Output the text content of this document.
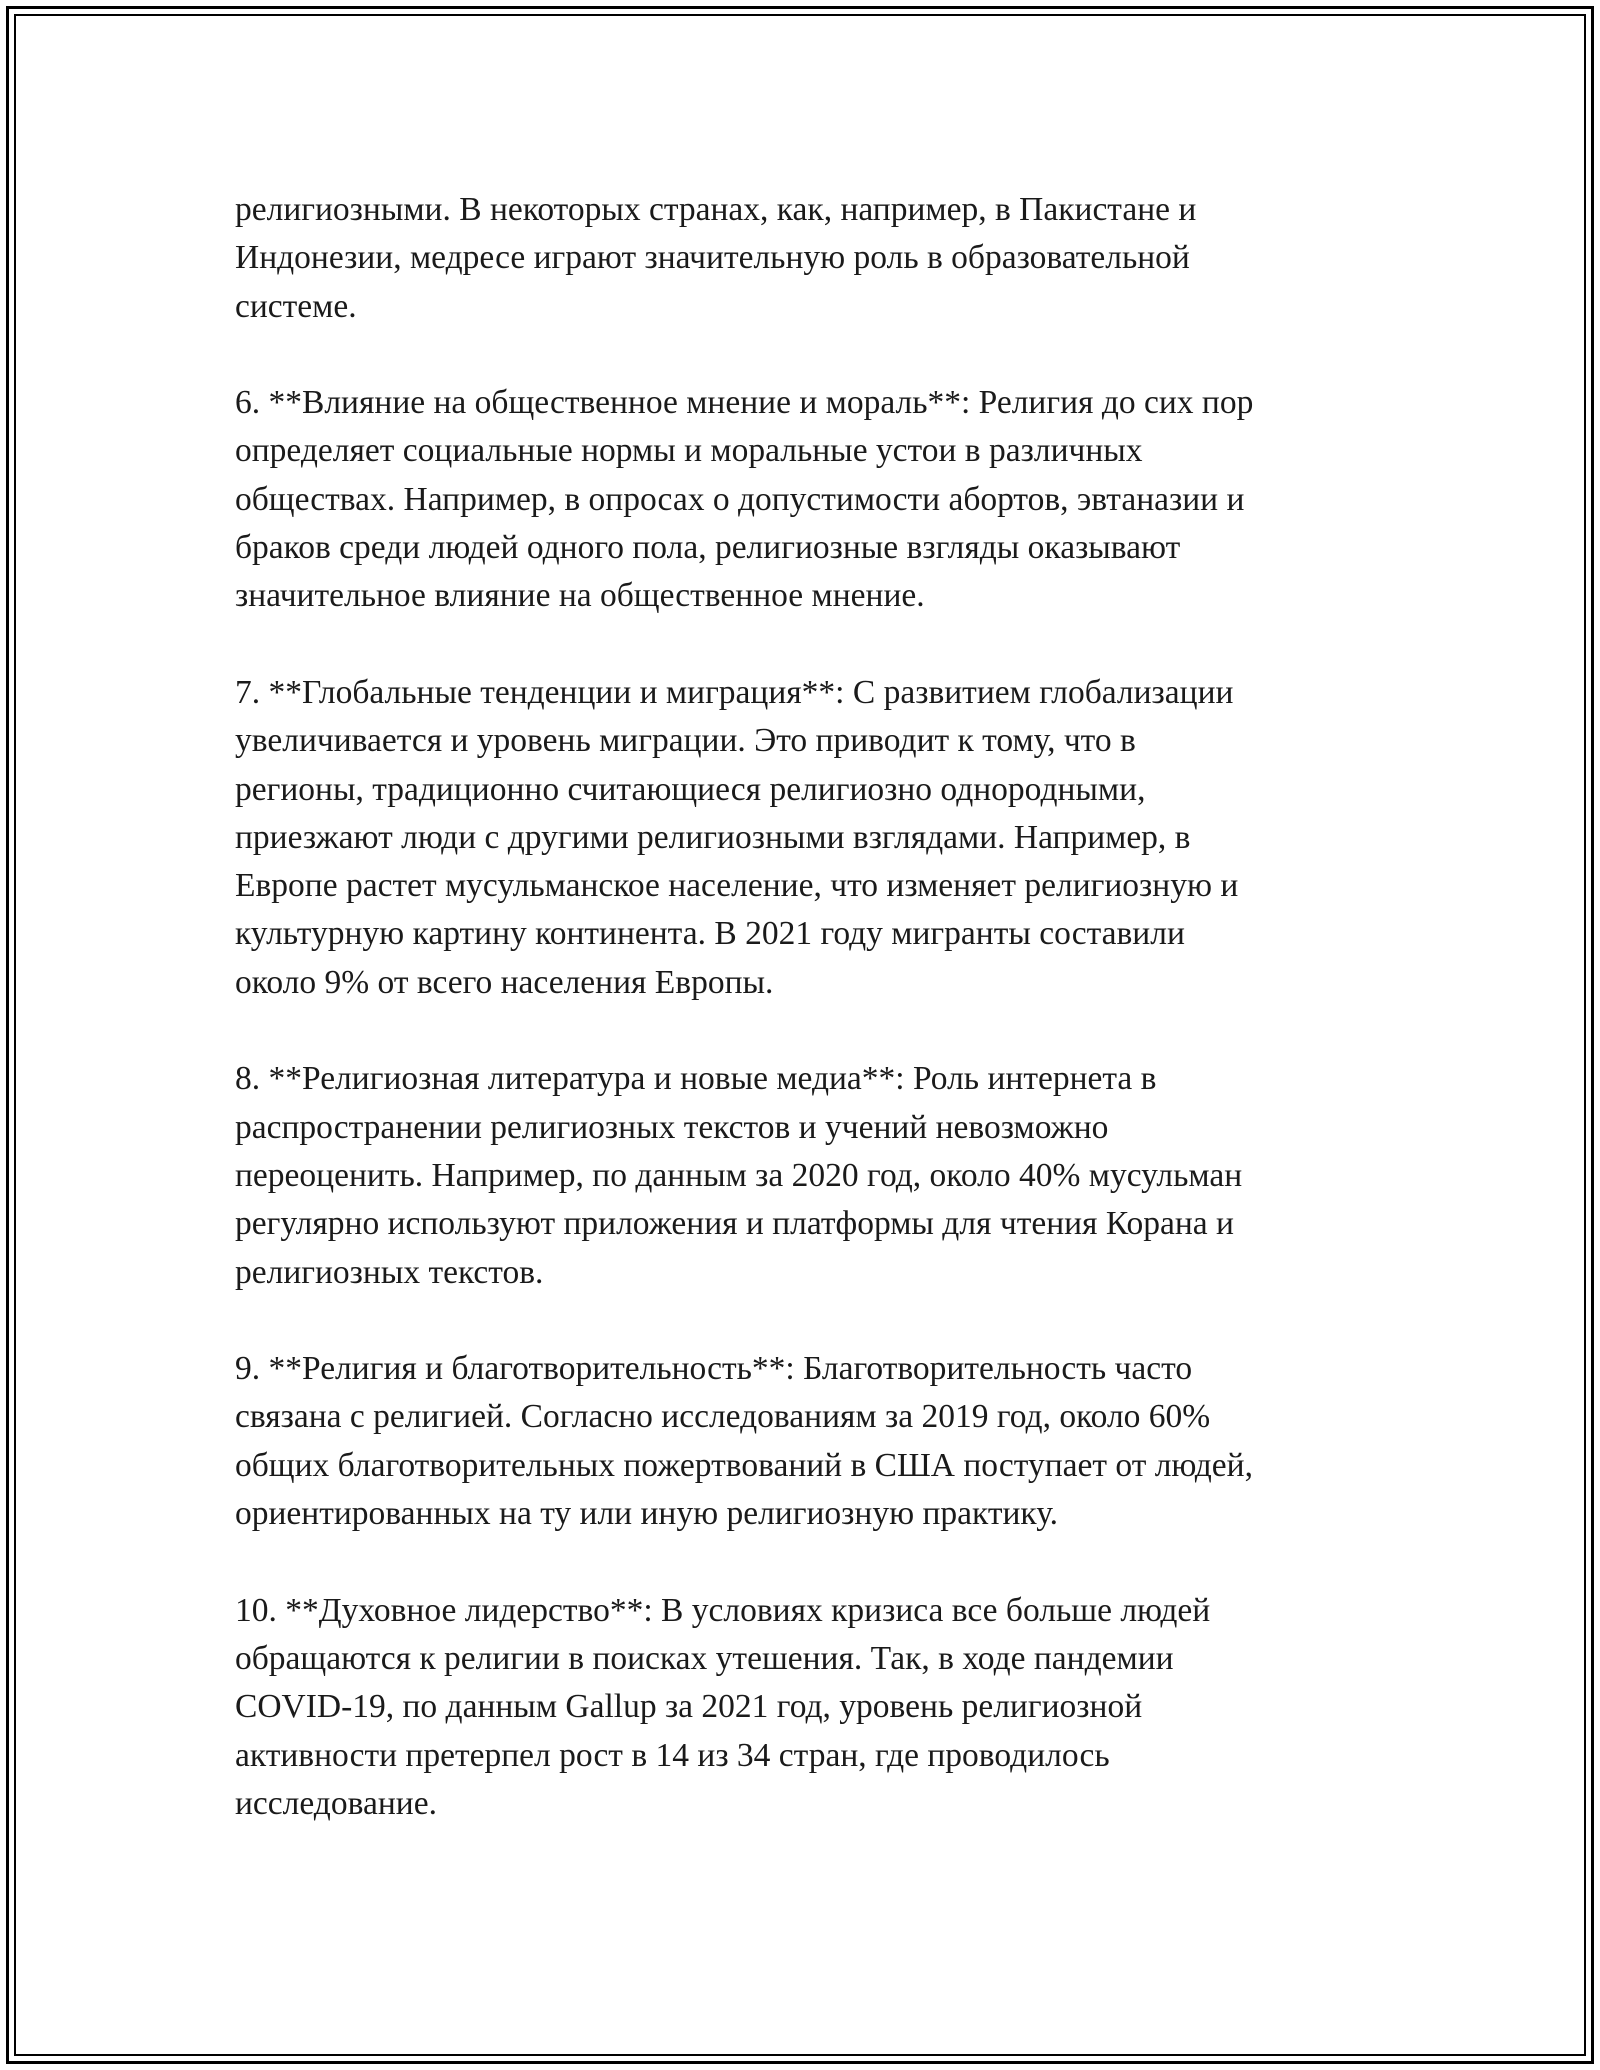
религиозными. В некоторых странах, как, например, в Пакистане и
Индонезии, медресе играют значительную роль в образовательной
системе.

6. **Влияние на общественное мнение и мораль**: Религия до сих пор
определяет социальные нормы и моральные устои в различных
обществах. Например, в опросах о допустимости абортов, эвтаназии и
браков среди людей одного пола, религиозные взгляды оказывают
значительное влияние на общественное мнение.

7. **Глобальные тенденции и миграция**: С развитием глобализации
увеличивается и уровень миграции. Это приводит к тому, что в
регионы, традиционно считающиеся религиозно однородными,
приезжают люди с другими религиозными взглядами. Например, в
Европе растет мусульманское население, что изменяет религиозную и
культурную картину континента. В 2021 году мигранты составили
около 9% от всего населения Европы.

8. **Религиозная литература и новые медиа**: Роль интернета в
распространении религиозных текстов и учений невозможно
переоценить. Например, по данным за 2020 год, около 40% мусульман
регулярно используют приложения и платформы для чтения Корана и
религиозных текстов.

9. **Религия и благотворительность**: Благотворительность часто
связана с религией. Согласно исследованиям за 2019 год, около 60%
общих благотворительных пожертвований в США поступает от людей,
ориентированных на ту или иную религиозную практику.

10. **Духовное лидерство**: В условиях кризиса все больше людей
обращаются к религии в поисках утешения. Так, в ходе пандемии
COVID-19, по данным Gallup за 2021 год, уровень религиозной
активности претерпел рост в 14 из 34 стран, где проводилось
исследование.
